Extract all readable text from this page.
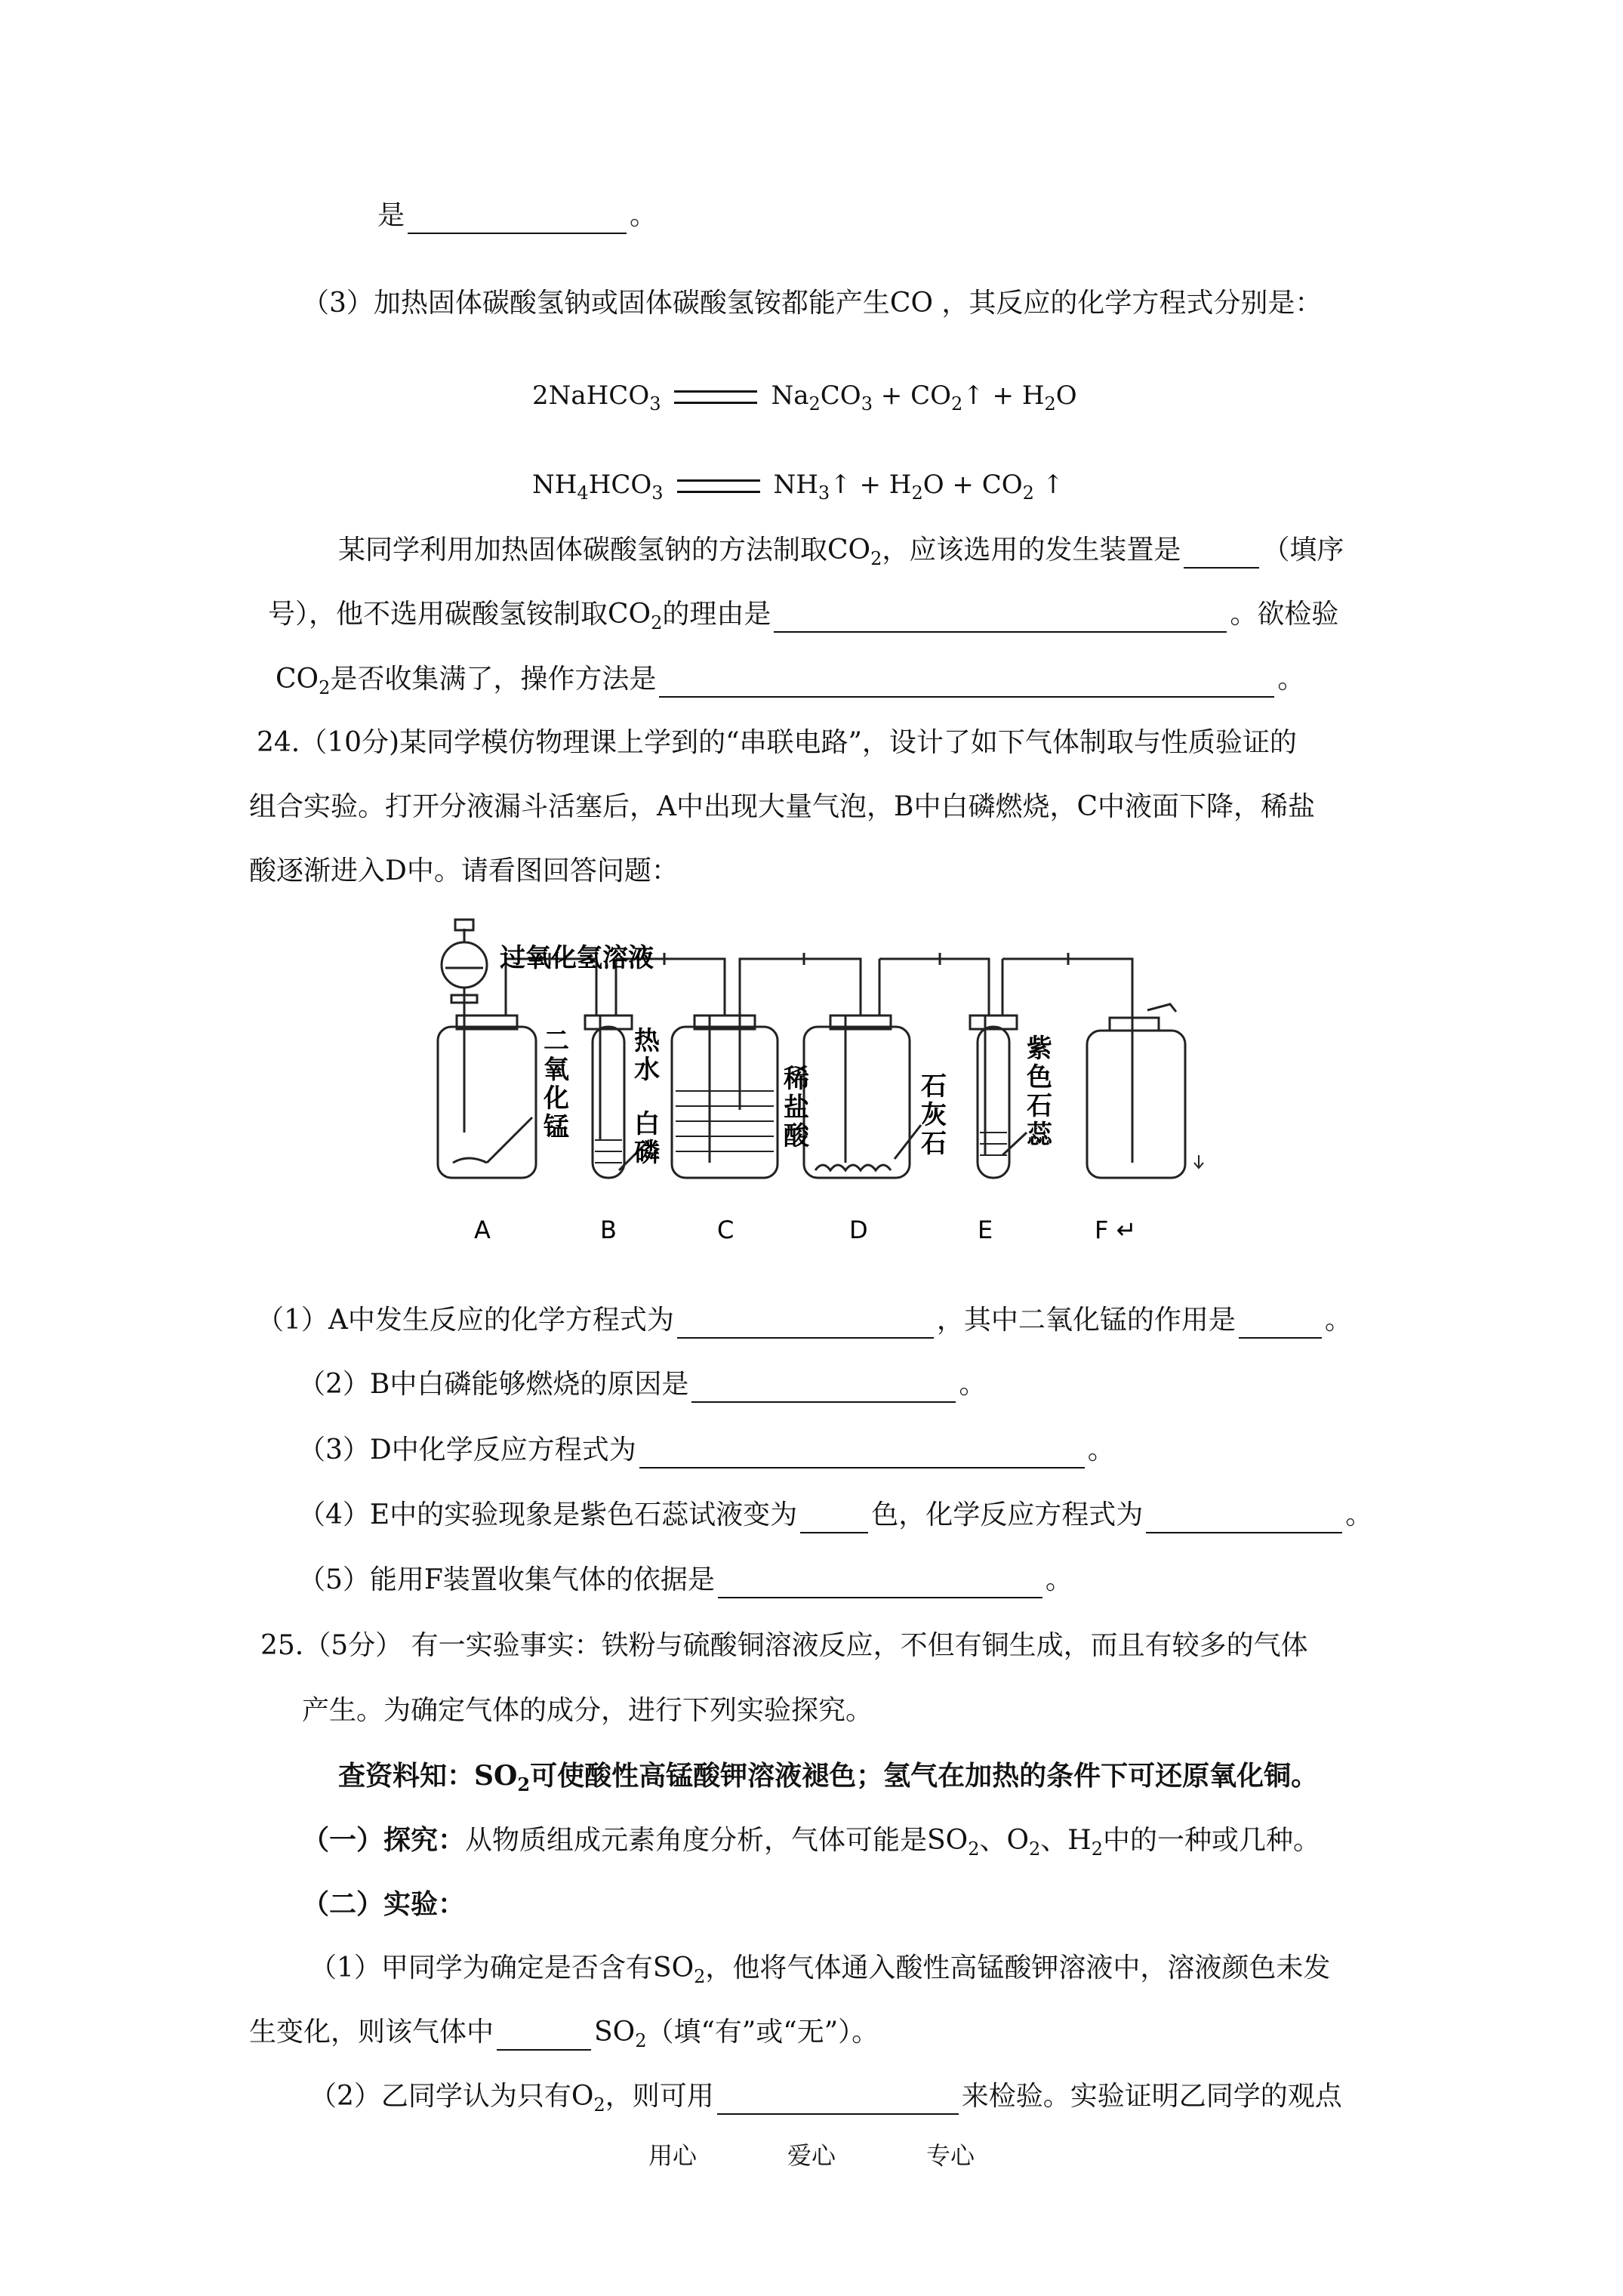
是	。
（3）加热固体碳酸氢钠或固体碳酸氢铵都能产生CO ，其反应的化学方程式分别是：
2NaHCO$_3$	$Na_2CO_3$ + $CO_2↑ + H_2O$
$NH_4HCO_3$	$NH_3↑ + H_2O + CO_2$ ↑
某同学利用加热固体碳酸氢钠的方法制取$CO_2$，应该选用的发生装置是	（填序
号），他不选用碳酸氢铵制取$CO_2$的理由是	。欲检验
$CO_2$是否收集满了，操作方法是	。
24.（10分)某同学模仿物理课上学到的“串联电路”，设计了如下气体制取与性质验证的
组合实验。打开分液漏斗活塞后，A中出现大量气泡，B中白磷燃烧，C中液面下降，稀盐
酸逐渐进入D中。请看图回答问题：
过氧化氢溶液
二氧化锰
热水
白磷
稀盐酸
石灰石
紫色石蕊
A	B	C	D	E	F ↵
（1）A中发生反应的化学方程式为	，其中二氧化锰的作用是	。
（2）B中白磷能够燃烧的原因是	。
（3）D中化学反应方程式为	。
（4）E中的实验现象是紫色石蕊试液变为	色，化学反应方程式为	。
（5）能用F装置收集气体的依据是	。
25.（5分） 有一实验事实：铁粉与硫酸铜溶液反应，不但有铜生成，而且有较多的气体
产生。为确定气体的成分，进行下列实验探究。
查资料知：$SO_2$可使酸性高锰酸钾溶液褪色；氢气在加热的条件下可还原氧化铜。
（一）探究：从物质组成元素角度分析，气体可能是$SO_2$、$O_2$、$H_2$中的一种或几种。
（二）实验：
（1）甲同学为确定是否含有$SO_2$，他将气体通入酸性高锰酸钾溶液中，溶液颜色未发
生变化，则该气体中	$SO_2$（填“有”或“无”）。
（2）乙同学认为只有$O_2$，则可用	来检验。实验证明乙同学的观点
用心	爱心	专心
